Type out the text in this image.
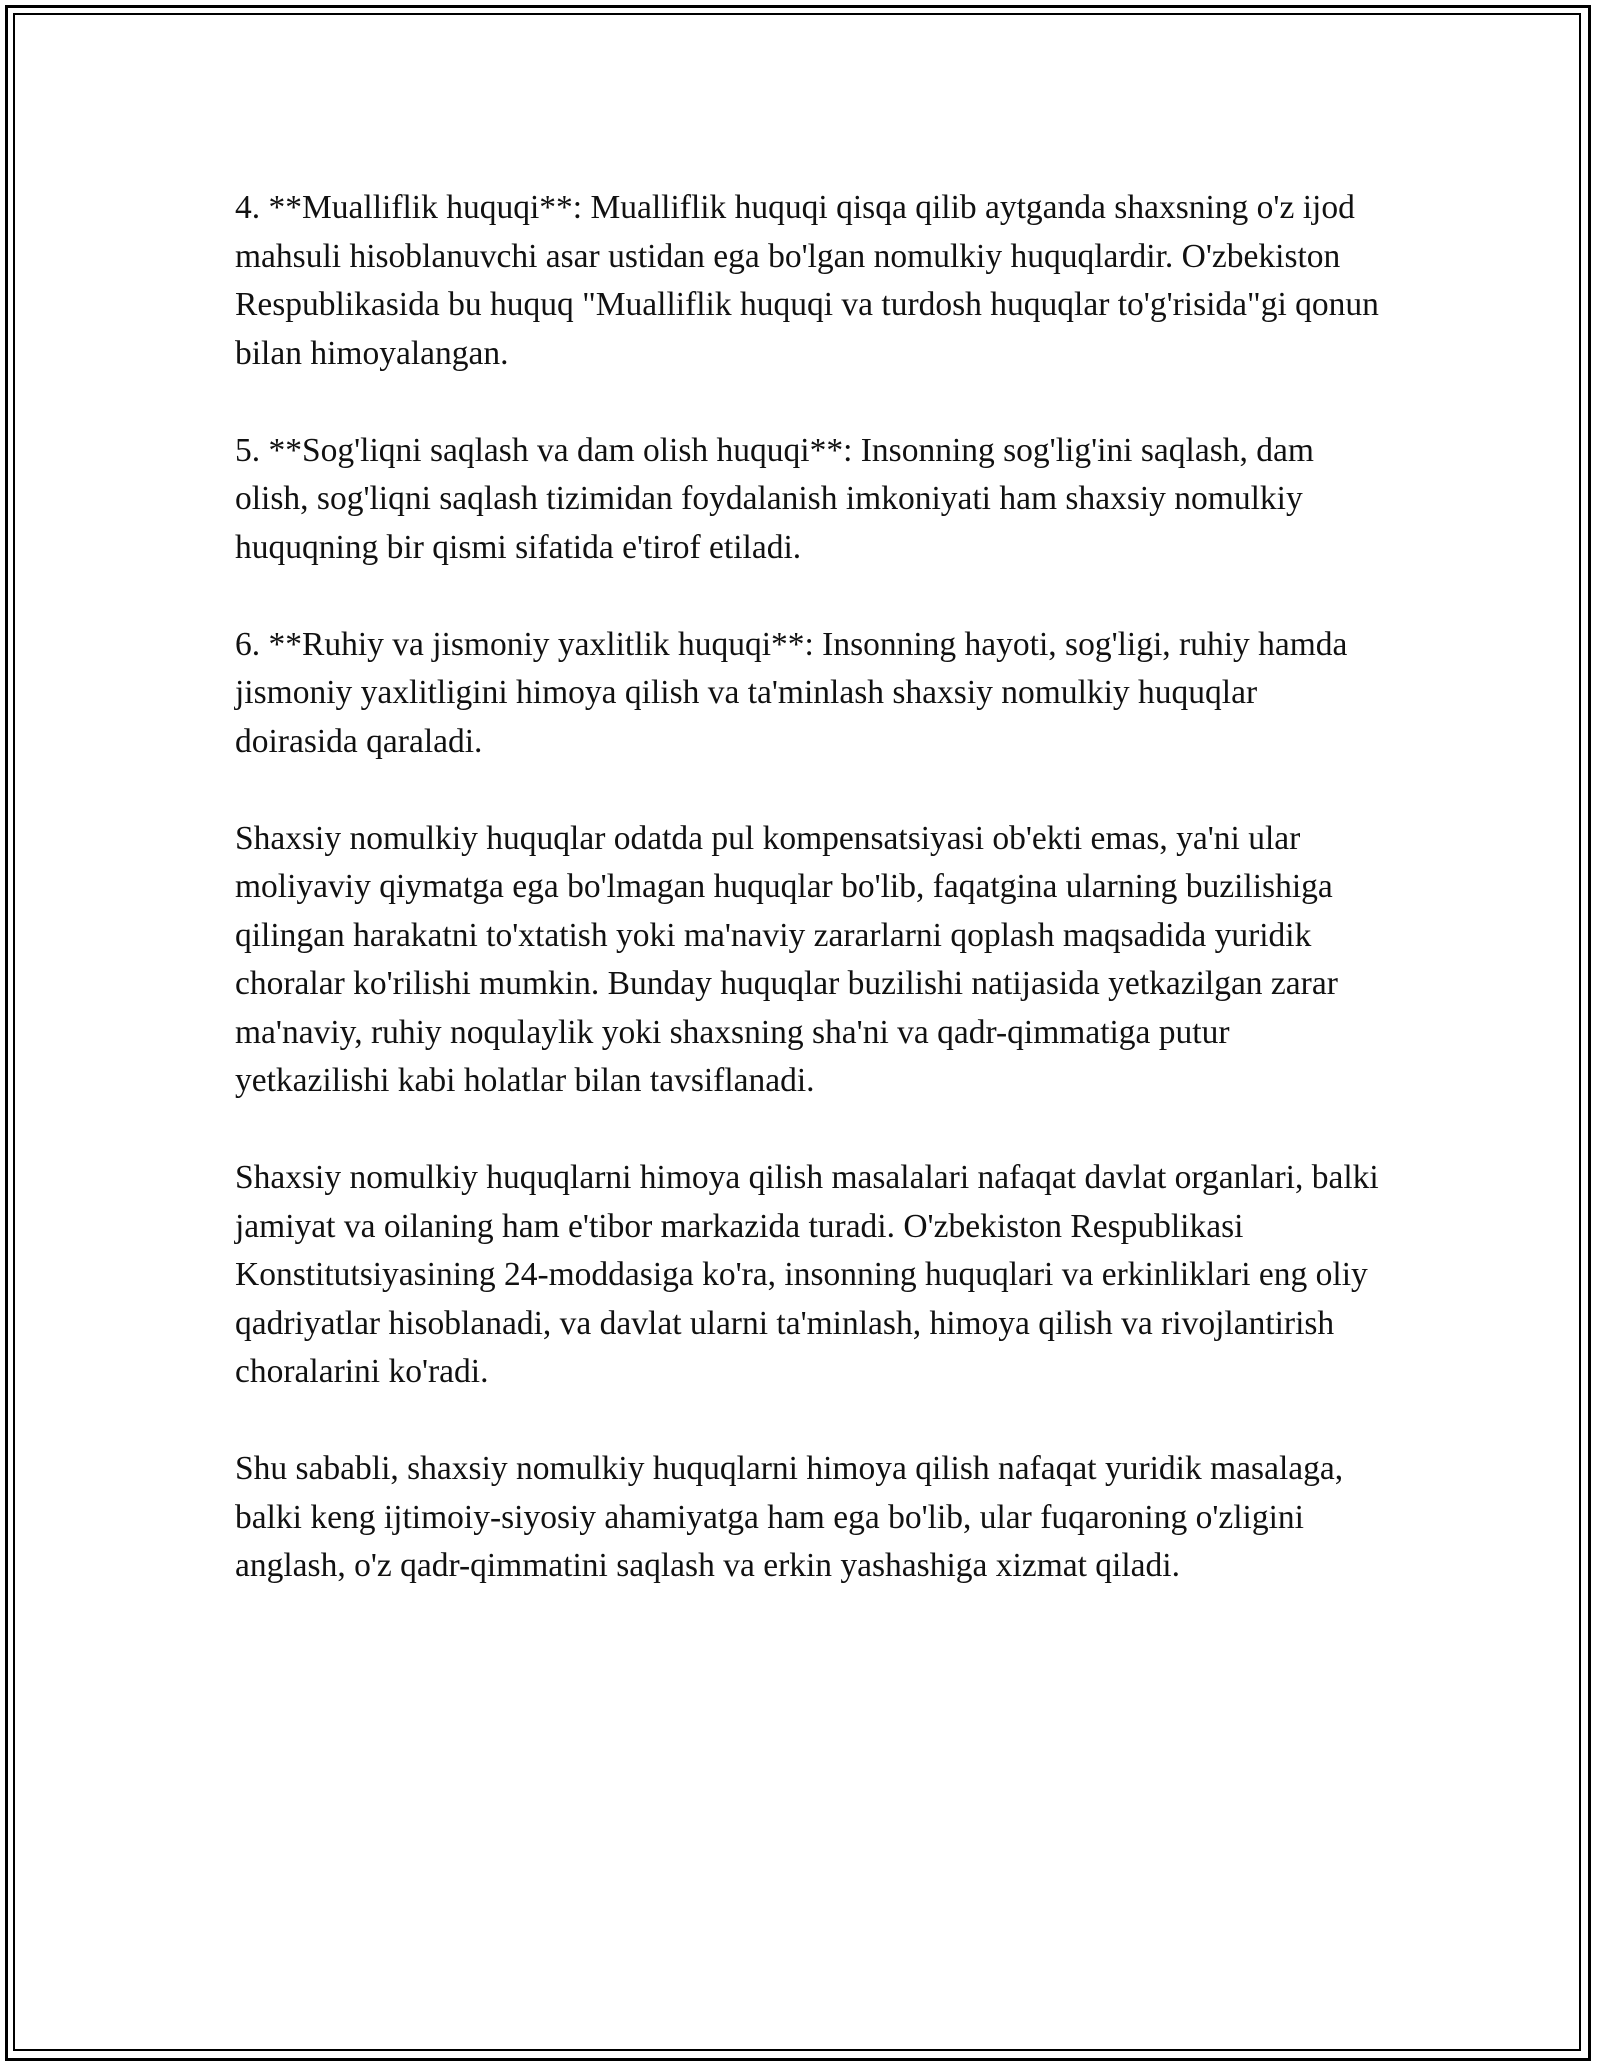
4. **Mualliflik huquqi**: Mualliflik huquqi qisqa qilib aytganda shaxsning o'z ijod mahsuli hisoblanuvchi asar ustidan ega bo'lgan nomulkiy huquqlardir. O'zbekiston Respublikasida bu huquq "Mualliflik huquqi va turdosh huquqlar to'g'risida"gi qonun bilan himoyalangan.

5. **Sog'liqni saqlash va dam olish huquqi**: Insonning sog'lig'ini saqlash, dam olish, sog'liqni saqlash tizimidan foydalanish imkoniyati ham shaxsiy nomulkiy huquqning bir qismi sifatida e'tirof etiladi.

6. **Ruhiy va jismoniy yaxlitlik huquqi**: Insonning hayoti, sog'ligi, ruhiy hamda jismoniy yaxlitligini himoya qilish va ta'minlash shaxsiy nomulkiy huquqlar doirasida qaraladi.

Shaxsiy nomulkiy huquqlar odatda pul kompensatsiyasi ob'ekti emas, ya'ni ular moliyaviy qiymatga ega bo'lmagan huquqlar bo'lib, faqatgina ularning buzilishiga qilingan harakatni to'xtatish yoki ma'naviy zararlarni qoplash maqsadida yuridik choralar ko'rilishi mumkin. Bunday huquqlar buzilishi natijasida yetkazilgan zarar ma'naviy, ruhiy noqulaylik yoki shaxsning sha'ni va qadr-qimmatiga putur yetkazilishi kabi holatlar bilan tavsiflanadi.

Shaxsiy nomulkiy huquqlarni himoya qilish masalalari nafaqat davlat organlari, balki jamiyat va oilaning ham e'tibor markazida turadi. O'zbekiston Respublikasi Konstitutsiyasining 24-moddasiga ko'ra, insonning huquqlari va erkinliklari eng oliy qadriyatlar hisoblanadi, va davlat ularni ta'minlash, himoya qilish va rivojlantirish choralarini ko'radi.

Shu sababli, shaxsiy nomulkiy huquqlarni himoya qilish nafaqat yuridik masalaga, balki keng ijtimoiy-siyosiy ahamiyatga ham ega bo'lib, ular fuqaroning o'zligini anglash, o'z qadr-qimmatini saqlash va erkin yashashiga xizmat qiladi.
